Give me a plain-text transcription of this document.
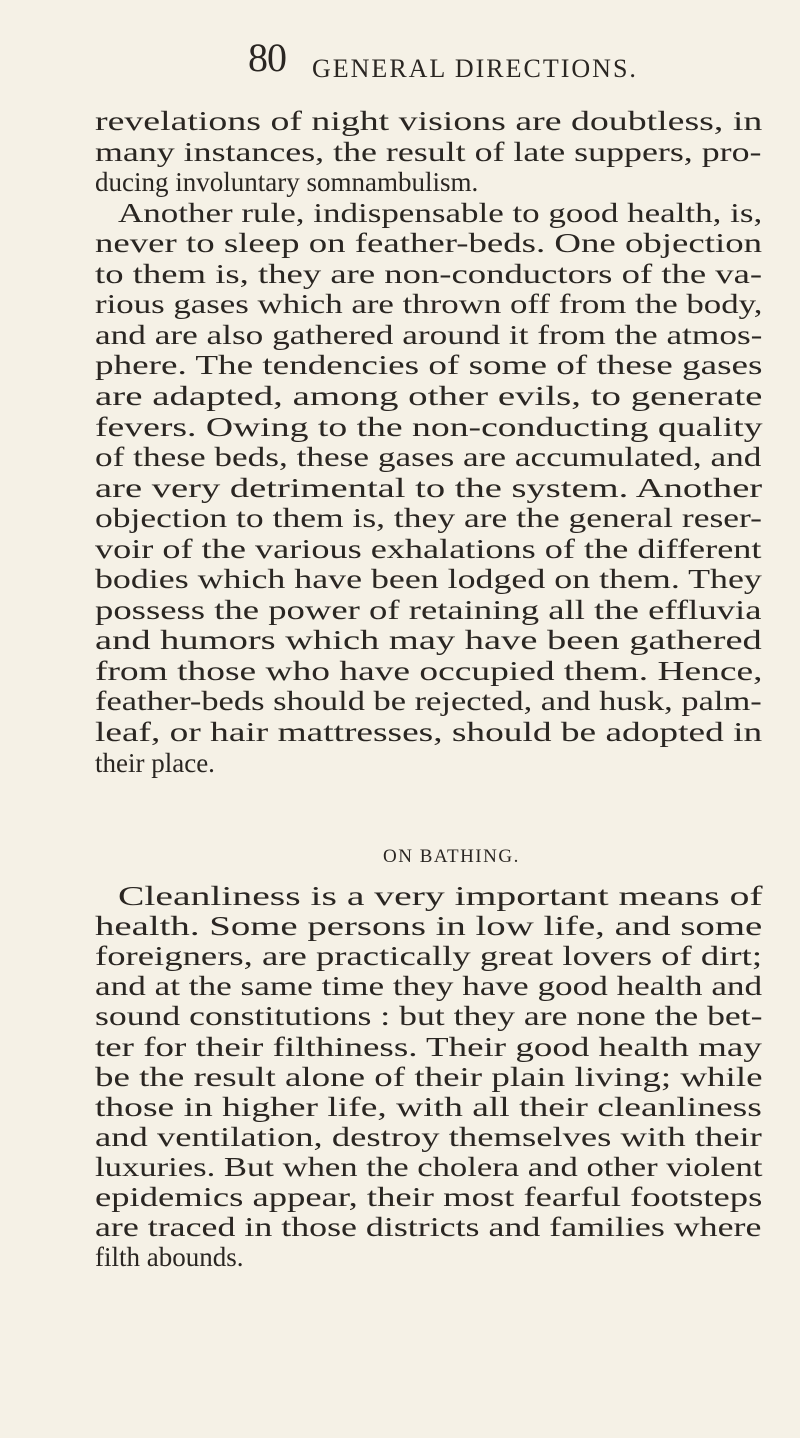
80 GENERAL DIRECTIONS.
revelations of night visions are doubtless, in
many instances, the result of late suppers, pro-
ducing involuntary somnambulism.
Another rule, indispensable to good health, is,
never to sleep on feather-beds. One objection
to them is, they are non-conductors of the va-
rious gases which are thrown off from the body,
and are also gathered around it from the atmos-
phere. The tendencies of some of these gases
are adapted, among other evils, to generate
fevers. Owing to the non-conducting quality
of these beds, these gases are accumulated, and
are very detrimental to the system. Another
objection to them is, they are the general reser-
voir of the various exhalations of the different
bodies which have been lodged on them. They
possess the power of retaining all the effluvia
and humors which may have been gathered
from those who have occupied them. Hence,
feather-beds should be rejected, and husk, palm-
leaf, or hair mattresses, should be adopted in
their place.
ON BATHING.
Cleanliness is a very important means of
health. Some persons in low life, and some
foreigners, are practically great lovers of dirt;
and at the same time they have good health and
sound constitutions : but they are none the bet-
ter for their filthiness. Their good health may
be the result alone of their plain living; while
those in higher life, with all their cleanliness
and ventilation, destroy themselves with their
luxuries. But when the cholera and other violent
epidemics appear, their most fearful footsteps
are traced in those districts and families where
filth abounds.
